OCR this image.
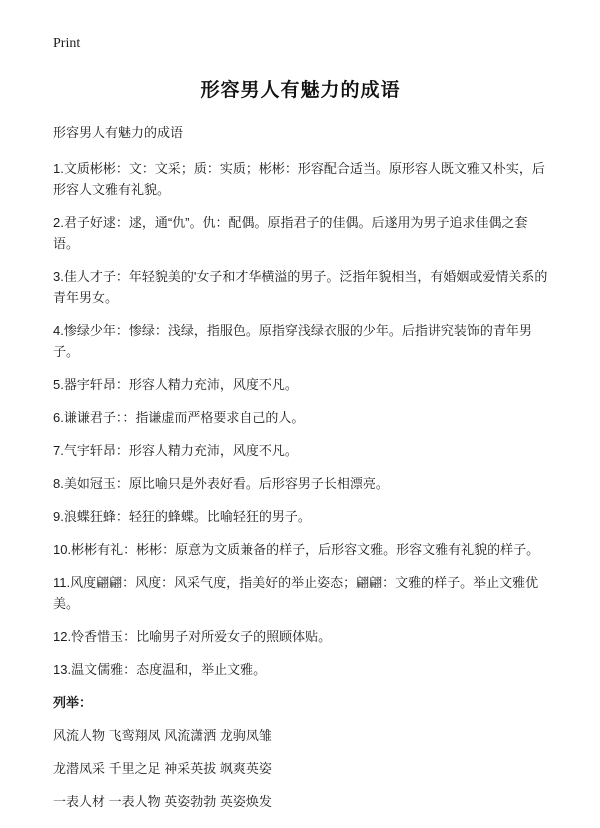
Print
形容男人有魅力的成语

形容男人有魅力的成语

1.文质彬彬：文：文采；质：实质；彬彬：形容配合适当。原形容人既文雅又朴实，后形容人文雅有礼貌。

2.君子好逑：逑，通“仇”。仇：配偶。原指君子的佳偶。后遂用为男子追求佳偶之套语。

3.佳人才子：年轻貌美的'女子和才华横溢的男子。泛指年貌相当，有婚姻或爱情关系的青年男女。

4.惨绿少年：惨绿：浅绿，指服色。原指穿浅绿衣服的少年。后指讲究装饰的青年男子。

5.器宇轩昂：形容人精力充沛，风度不凡。

6.谦谦君子：：指谦虚而严格要求自己的人。

7.气宇轩昂：形容人精力充沛，风度不凡。

8.美如冠玉：原比喻只是外表好看。后形容男子长相漂亮。

9.浪蝶狂蜂：轻狂的蜂蝶。比喻轻狂的男子。

10.彬彬有礼：彬彬：原意为文质兼备的样子，后形容文雅。形容文雅有礼貌的样子。

11.风度翩翩：风度：风采气度，指美好的举止姿态；翩翩：文雅的样子。举止文雅优美。

12.怜香惜玉：比喻男子对所爱女子的照顾体贴。

13.温文儒雅：态度温和，举止文雅。

列举：

风流人物 飞鸾翔凤 风流潇洒 龙驹凤雏

龙潜凤采 千里之足 神采英拔 飒爽英姿

一表人材 一表人物 英姿勃勃 英姿焕发
